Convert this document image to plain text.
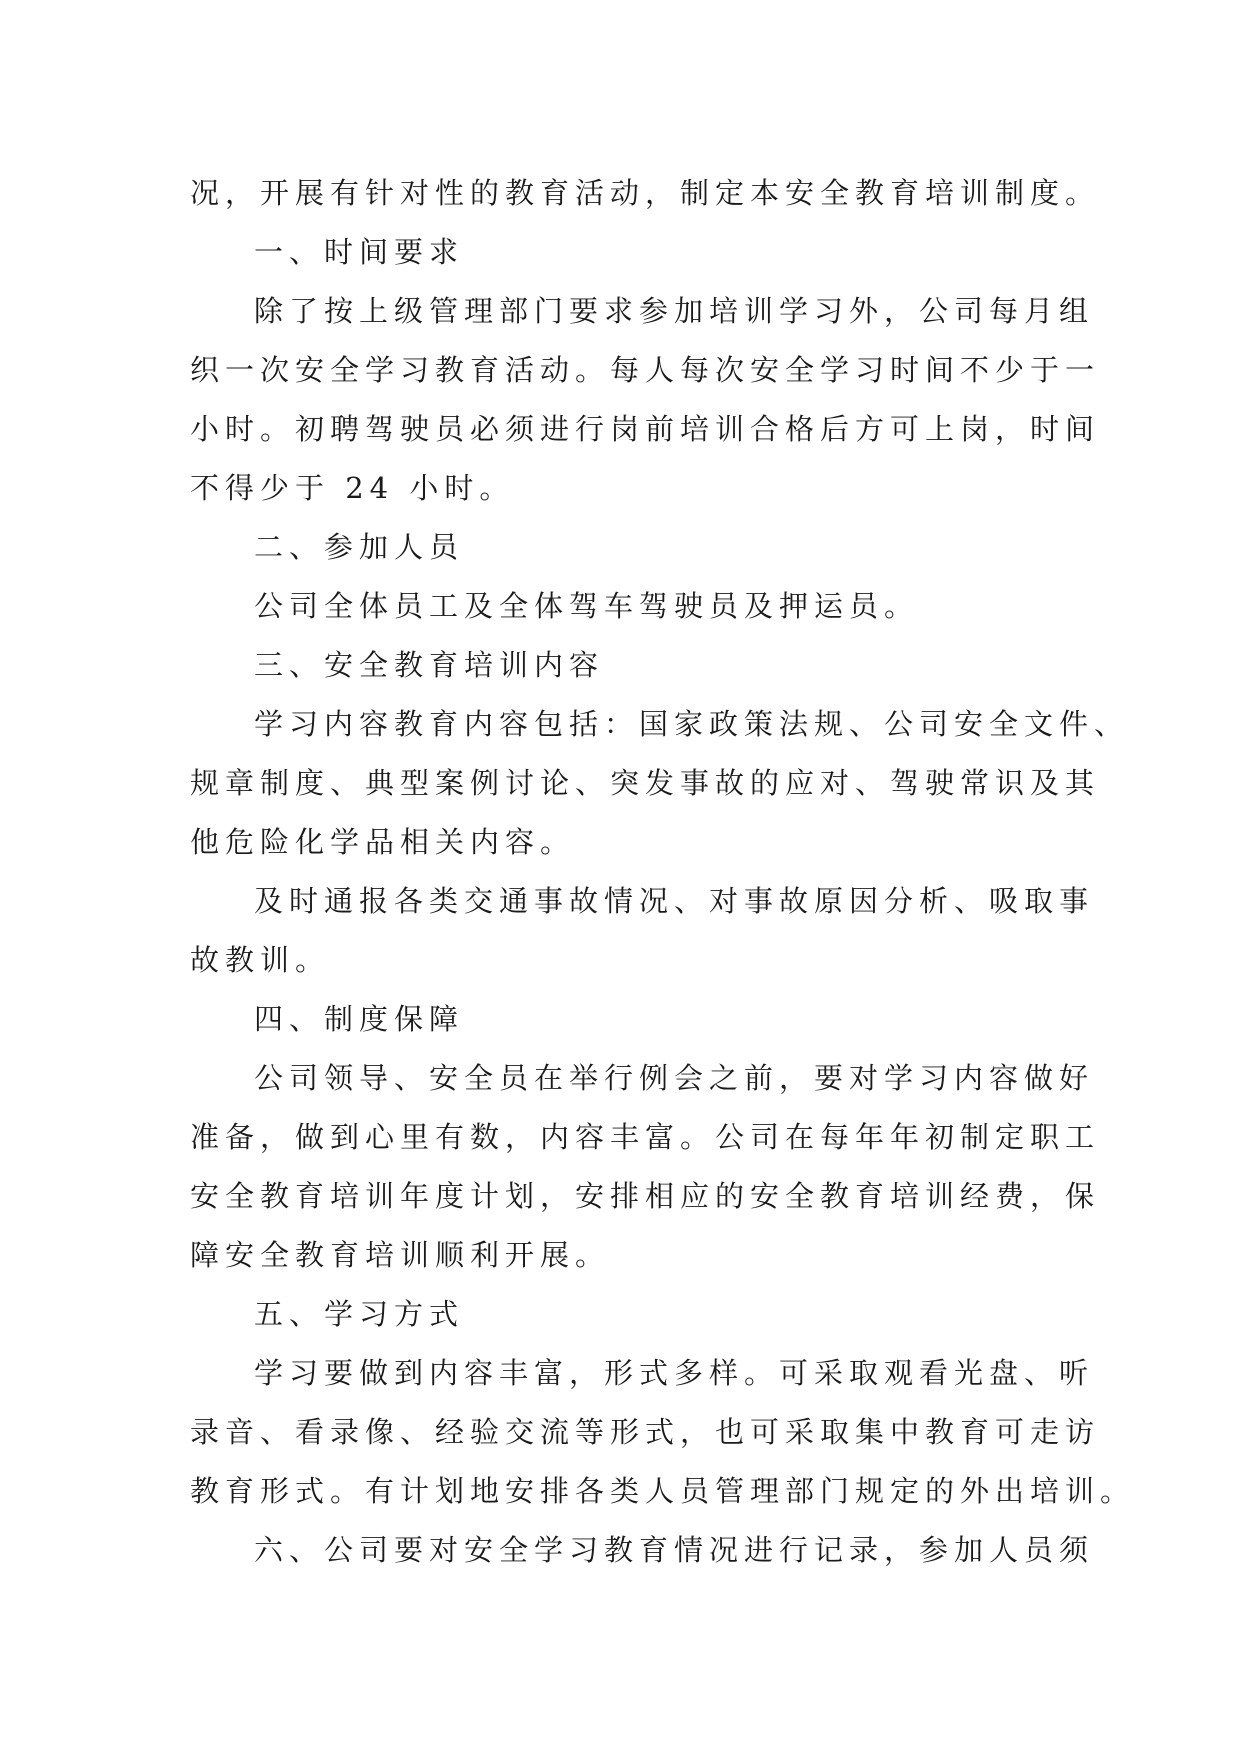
况，开展有针对性的教育活动，制定本安全教育培训制度。
一、时间要求
除了按上级管理部门要求参加培训学习外，公司每月组
织一次安全学习教育活动。每人每次安全学习时间不少于一
小时。初聘驾驶员必须进行岗前培训合格后方可上岗，时间
不得少于 24 小时。
二、参加人员
公司全体员工及全体驾车驾驶员及押运员。
三、安全教育培训内容
学习内容教育内容包括：国家政策法规、公司安全文件、
规章制度、典型案例讨论、突发事故的应对、驾驶常识及其
他危险化学品相关内容。
及时通报各类交通事故情况、对事故原因分析、吸取事
故教训。
四、制度保障
公司领导、安全员在举行例会之前，要对学习内容做好
准备，做到心里有数，内容丰富。公司在每年年初制定职工
安全教育培训年度计划，安排相应的安全教育培训经费，保
障安全教育培训顺利开展。
五、学习方式
学习要做到内容丰富，形式多样。可采取观看光盘、听
录音、看录像、经验交流等形式，也可采取集中教育可走访
教育形式。有计划地安排各类人员管理部门规定的外出培训。
六、公司要对安全学习教育情况进行记录，参加人员须
